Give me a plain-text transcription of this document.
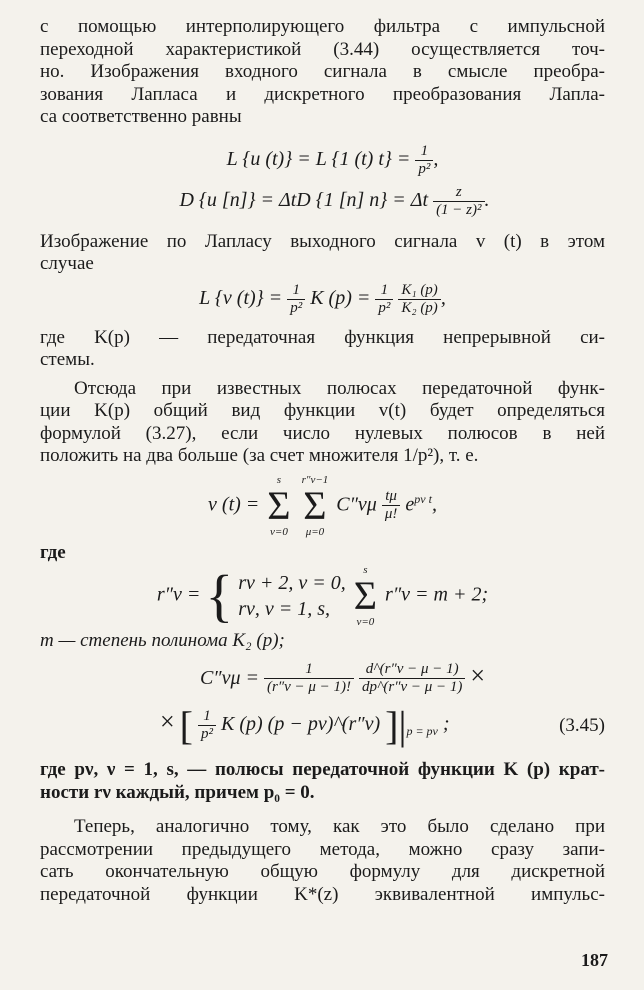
с помощью интерполирующего фильтра с импульсной
переходной характеристикой (3.44) осуществляется точ-
но. Изображения входного сигнала в смысле преобра-
зования Лапласа и дискретного преобразования Лапла-
са соответственно равны

L {u (t)} = L {1 (t) $t\} = \frac{1}{\text{p²}}$ ,
D {u [n]} = ΔtD {1 [n] n} = Δt $\frac{z}{\text{(1 − z)²}}$ .

Изображение по Лапласу выходного сигнала v (t) в этом
случае

L {v $(t)\} = \frac{1}{\text{p²}}$ K $(p) = \frac{1}{\text{p²}}$
$\frac{\text{K₁ (p)}}{\text{K₂ (p)}}$ ,

где K(p) — передаточная функция непрерывной си-
стемы.

Отсюда при известных полюсах передаточной функ-
ции K(p) общий вид функции v(t) будет определяться
формулой (3.27), если число нулевых полюсов в ней
положить на два больше (за счет множителя 1/p²), т. е.

v (t) = s
Σ
ν=0 r″ν−1
Σ
μ=0 $C''\nu\mu \frac{t\mu}{\mu!} e^{p\nu t}$,

где

r″ν = { rν + 2, ν = 0,
rν, ν = 1, s,
s
Σ
ν=0 r″ν = m + 2;

m — степень полинома K₂ (p);

$C''\nu\mu = \frac{1}{(r''\nu - \mu - 1)!}$
$\frac{d\^{}(r''\nu - \mu - 1)}{dp\^{}(r''\nu - \mu - 1)}$ ×
× [ $\frac{1}{\text{p²}}$ K (p) (p − pν)^(r″ν) ]$|_{p = p\nu}$ ;	(3.45)

где pν, ν = 1, s, — полюсы передаточной функции K (p) крат-
ности rν каждый, причем p₀ = 0.

Теперь, аналогично тому, как это было сделано при
рассмотрении предыдущего метода, можно сразу запи-
сать окончательную общую формулу для дискретной
передаточной функции K*(z) эквивалентной импульс-

187
